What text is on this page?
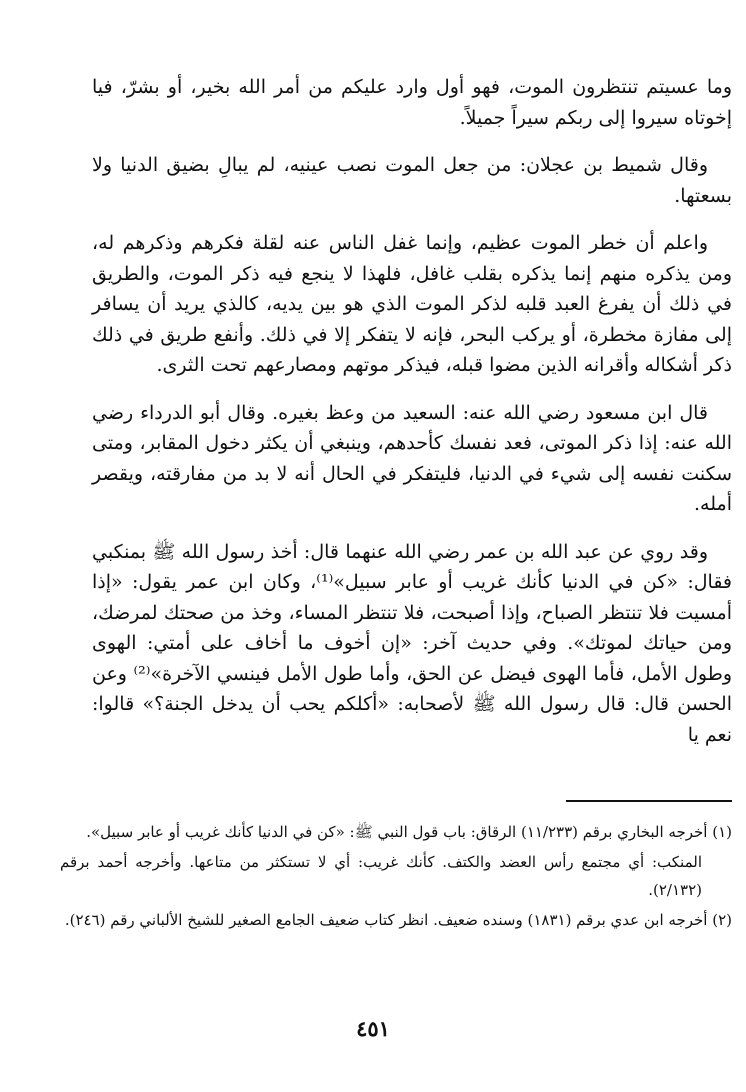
وما عسيتم تنتظرون الموت، فهو أول وارد عليكم من أمر الله بخير، أو بشرّ، فيا إخوتاه سيروا إلى ربكم سيراً جميلاً.

وقال شميط بن عجلان: من جعل الموت نصب عينيه، لم يبالِ بضيق الدنيا ولا بسعتها.

واعلم أن خطر الموت عظيم، وإنما غفل الناس عنه لقلة فكرهم وذكرهم له، ومن يذكره منهم إنما يذكره بقلب غافل، فلهذا لا ينجع فيه ذكر الموت، والطريق في ذلك أن يفرغ العبد قلبه لذكر الموت الذي هو بين يديه، كالذي يريد أن يسافر إلى مفازة مخطرة، أو يركب البحر، فإنه لا يتفكر إلا في ذلك. وأنفع طريق في ذلك ذكر أشكاله وأقرانه الذين مضوا قبله، فيذكر موتهم ومصارعهم تحت الثرى.

قال ابن مسعود رضي الله عنه: السعيد من وعظ بغيره. وقال أبو الدرداء رضي الله عنه: إذا ذكر الموتى، فعد نفسك كأحدهم، وينبغي أن يكثر دخول المقابر، ومتى سكنت نفسه إلى شيء في الدنيا، فليتفكر في الحال أنه لا بد من مفارقته، ويقصر أمله.

وقد روي عن عبد الله بن عمر رضي الله عنهما قال: أخذ رسول الله ﷺ بمنكبي فقال: «كن في الدنيا كأنك غريب أو عابر سبيل»⁽¹⁾، وكان ابن عمر يقول: «إذا أمسيت فلا تنتظر الصباح، وإذا أصبحت، فلا تنتظر المساء، وخذ من صحتك لمرضك، ومن حياتك لموتك». وفي حديث آخر: «إن أخوف ما أخاف على أمتي: الهوى وطول الأمل، فأما الهوى فيضل عن الحق، وأما طول الأمل فينسي الآخرة»⁽²⁾ وعن الحسن قال: قال رسول الله ﷺ لأصحابه: «أكلكم يحب أن يدخل الجنة؟» قالوا: نعم يا

(١) أخرجه البخاري برقم (١١/٢٣٣) الرقاق: باب قول النبي ﷺ: «كن في الدنيا كأنك غريب أو عابر سبيل».

المنكب: أي مجتمع رأس العضد والكتف. كأنك غريب: أي لا تستكثر من متاعها. وأخرجه أحمد برقم (٢/١٣٢).

(٢) أخرجه ابن عدي برقم (١٨٣١) وسنده ضعيف. انظر كتاب ضعيف الجامع الصغير للشيخ الألباني رقم (٢٤٦).

٤٥١
